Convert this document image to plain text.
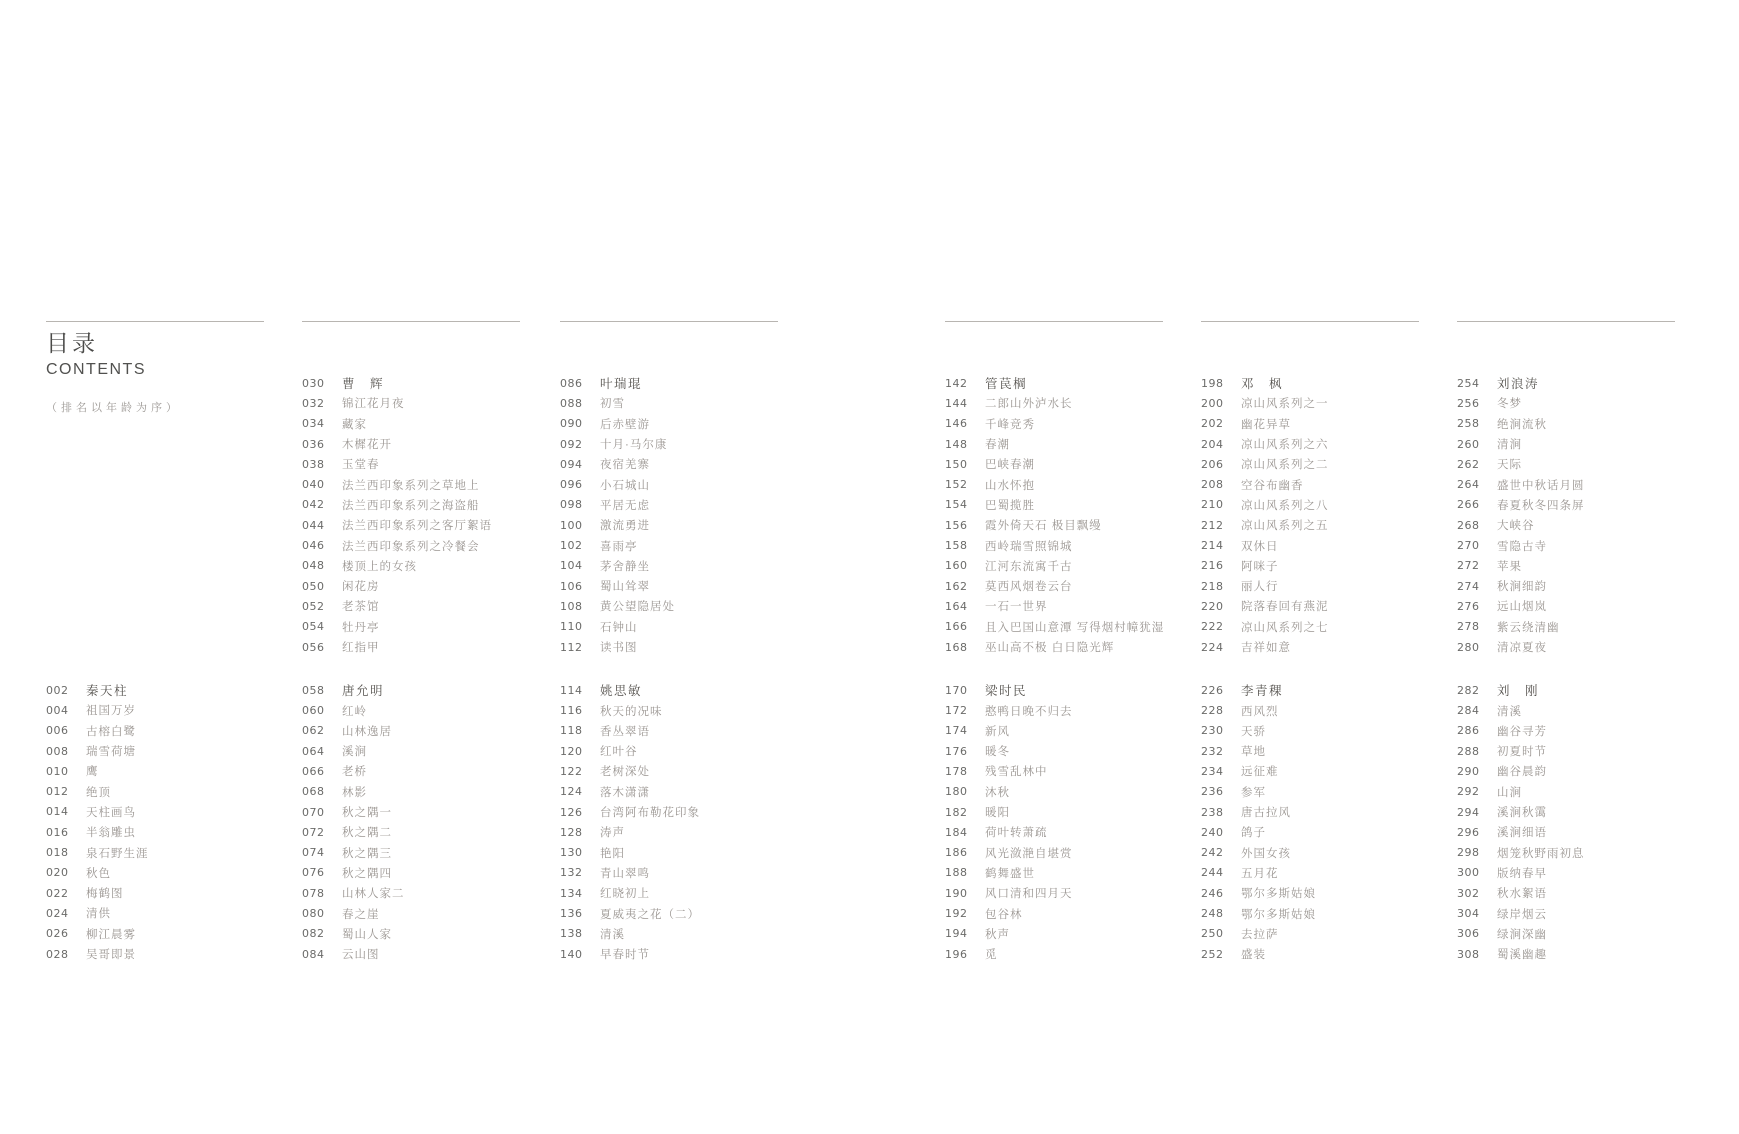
目录
CONTENTS
（排名以年龄为序）
002	秦天柱
004	祖国万岁
006	古榕白鹭
008	瑞雪荷塘
010	鹰
012	绝顶
014	天柱画鸟
016	半翁雕虫
018	泉石野生涯
020	秋色
022	梅鹤图
024	清供
026	柳江晨雾
028	吴哥即景
030	曹　辉
032	锦江花月夜
034	藏家
036	木樨花开
038	玉堂春
040	法兰西印象系列之草地上
042	法兰西印象系列之海盗船
044	法兰西印象系列之客厅絮语
046	法兰西印象系列之冷餐会
048	楼顶上的女孩
050	闲花房
052	老茶馆
054	牡丹亭
056	红指甲
058	唐允明
060	红岭
062	山林逸居
064	溪涧
066	老桥
068	林影
070	秋之隅一
072	秋之隅二
074	秋之隅三
076	秋之隅四
078	山林人家二
080	春之崖
082	蜀山人家
084	云山图
086	叶瑞琨
088	初雪
090	后赤壁游
092	十月·马尔康
094	夜宿羌寨
096	小石城山
098	平居无虑
100	激流勇进
102	喜雨亭
104	茅舍静坐
106	蜀山耸翠
108	黄公望隐居处
110	石钟山
112	读书图
114	姚思敏
116	秋天的况味
118	香丛翠语
120	红叶谷
122	老树深处
124	落木潇潇
126	台湾阿布勒花印象
128	涛声
130	艳阳
132	青山翠鸣
134	红晓初上
136	夏威夷之花（二）
138	清溪
140	早春时节
142	管苠棡
144	二郎山外泸水长
146	千峰竞秀
148	春潮
150	巴峡春潮
152	山水怀抱
154	巴蜀揽胜
156	霞外倚天石 极目飘缦
158	西岭瑞雪照锦城
160	江河东流寓千古
162	莫西风烟卷云台
164	一石一世界
166	且入巴国山意潭 写得烟村幛犹湿
168	巫山高不极 白日隐光辉
170	梁时民
172	憨鸭日晚不归去
174	新风
176	暖冬
178	残雪乱林中
180	沐秋
182	暖阳
184	荷叶转萧疏
186	风光潋滟自堪赏
188	鹤舞盛世
190	风口清和四月天
192	包谷林
194	秋声
196	觅
198	邓　枫
200	凉山风系列之一
202	幽花异草
204	凉山风系列之六
206	凉山风系列之二
208	空谷布幽香
210	凉山风系列之八
212	凉山风系列之五
214	双休日
216	阿咪子
218	丽人行
220	院落春回有燕泥
222	凉山风系列之七
224	吉祥如意
226	李青稞
228	西风烈
230	天骄
232	草地
234	远征难
236	参军
238	唐古拉风
240	鸽子
242	外国女孩
244	五月花
246	鄂尔多斯姑娘
248	鄂尔多斯姑娘
250	去拉萨
252	盛装
254	刘浪涛
256	冬梦
258	绝涧流秋
260	清涧
262	天际
264	盛世中秋话月圆
266	春夏秋冬四条屏
268	大峡谷
270	雪隐古寺
272	苹果
274	秋涧细韵
276	远山烟岚
278	紫云绕清幽
280	清凉夏夜
282	刘　刚
284	清溪
286	幽谷寻芳
288	初夏时节
290	幽谷晨韵
292	山涧
294	溪涧秋霭
296	溪涧细语
298	烟笼秋野雨初息
300	版纳春早
302	秋水絮语
304	绿岸烟云
306	绿涧深幽
308	蜀溪幽趣
